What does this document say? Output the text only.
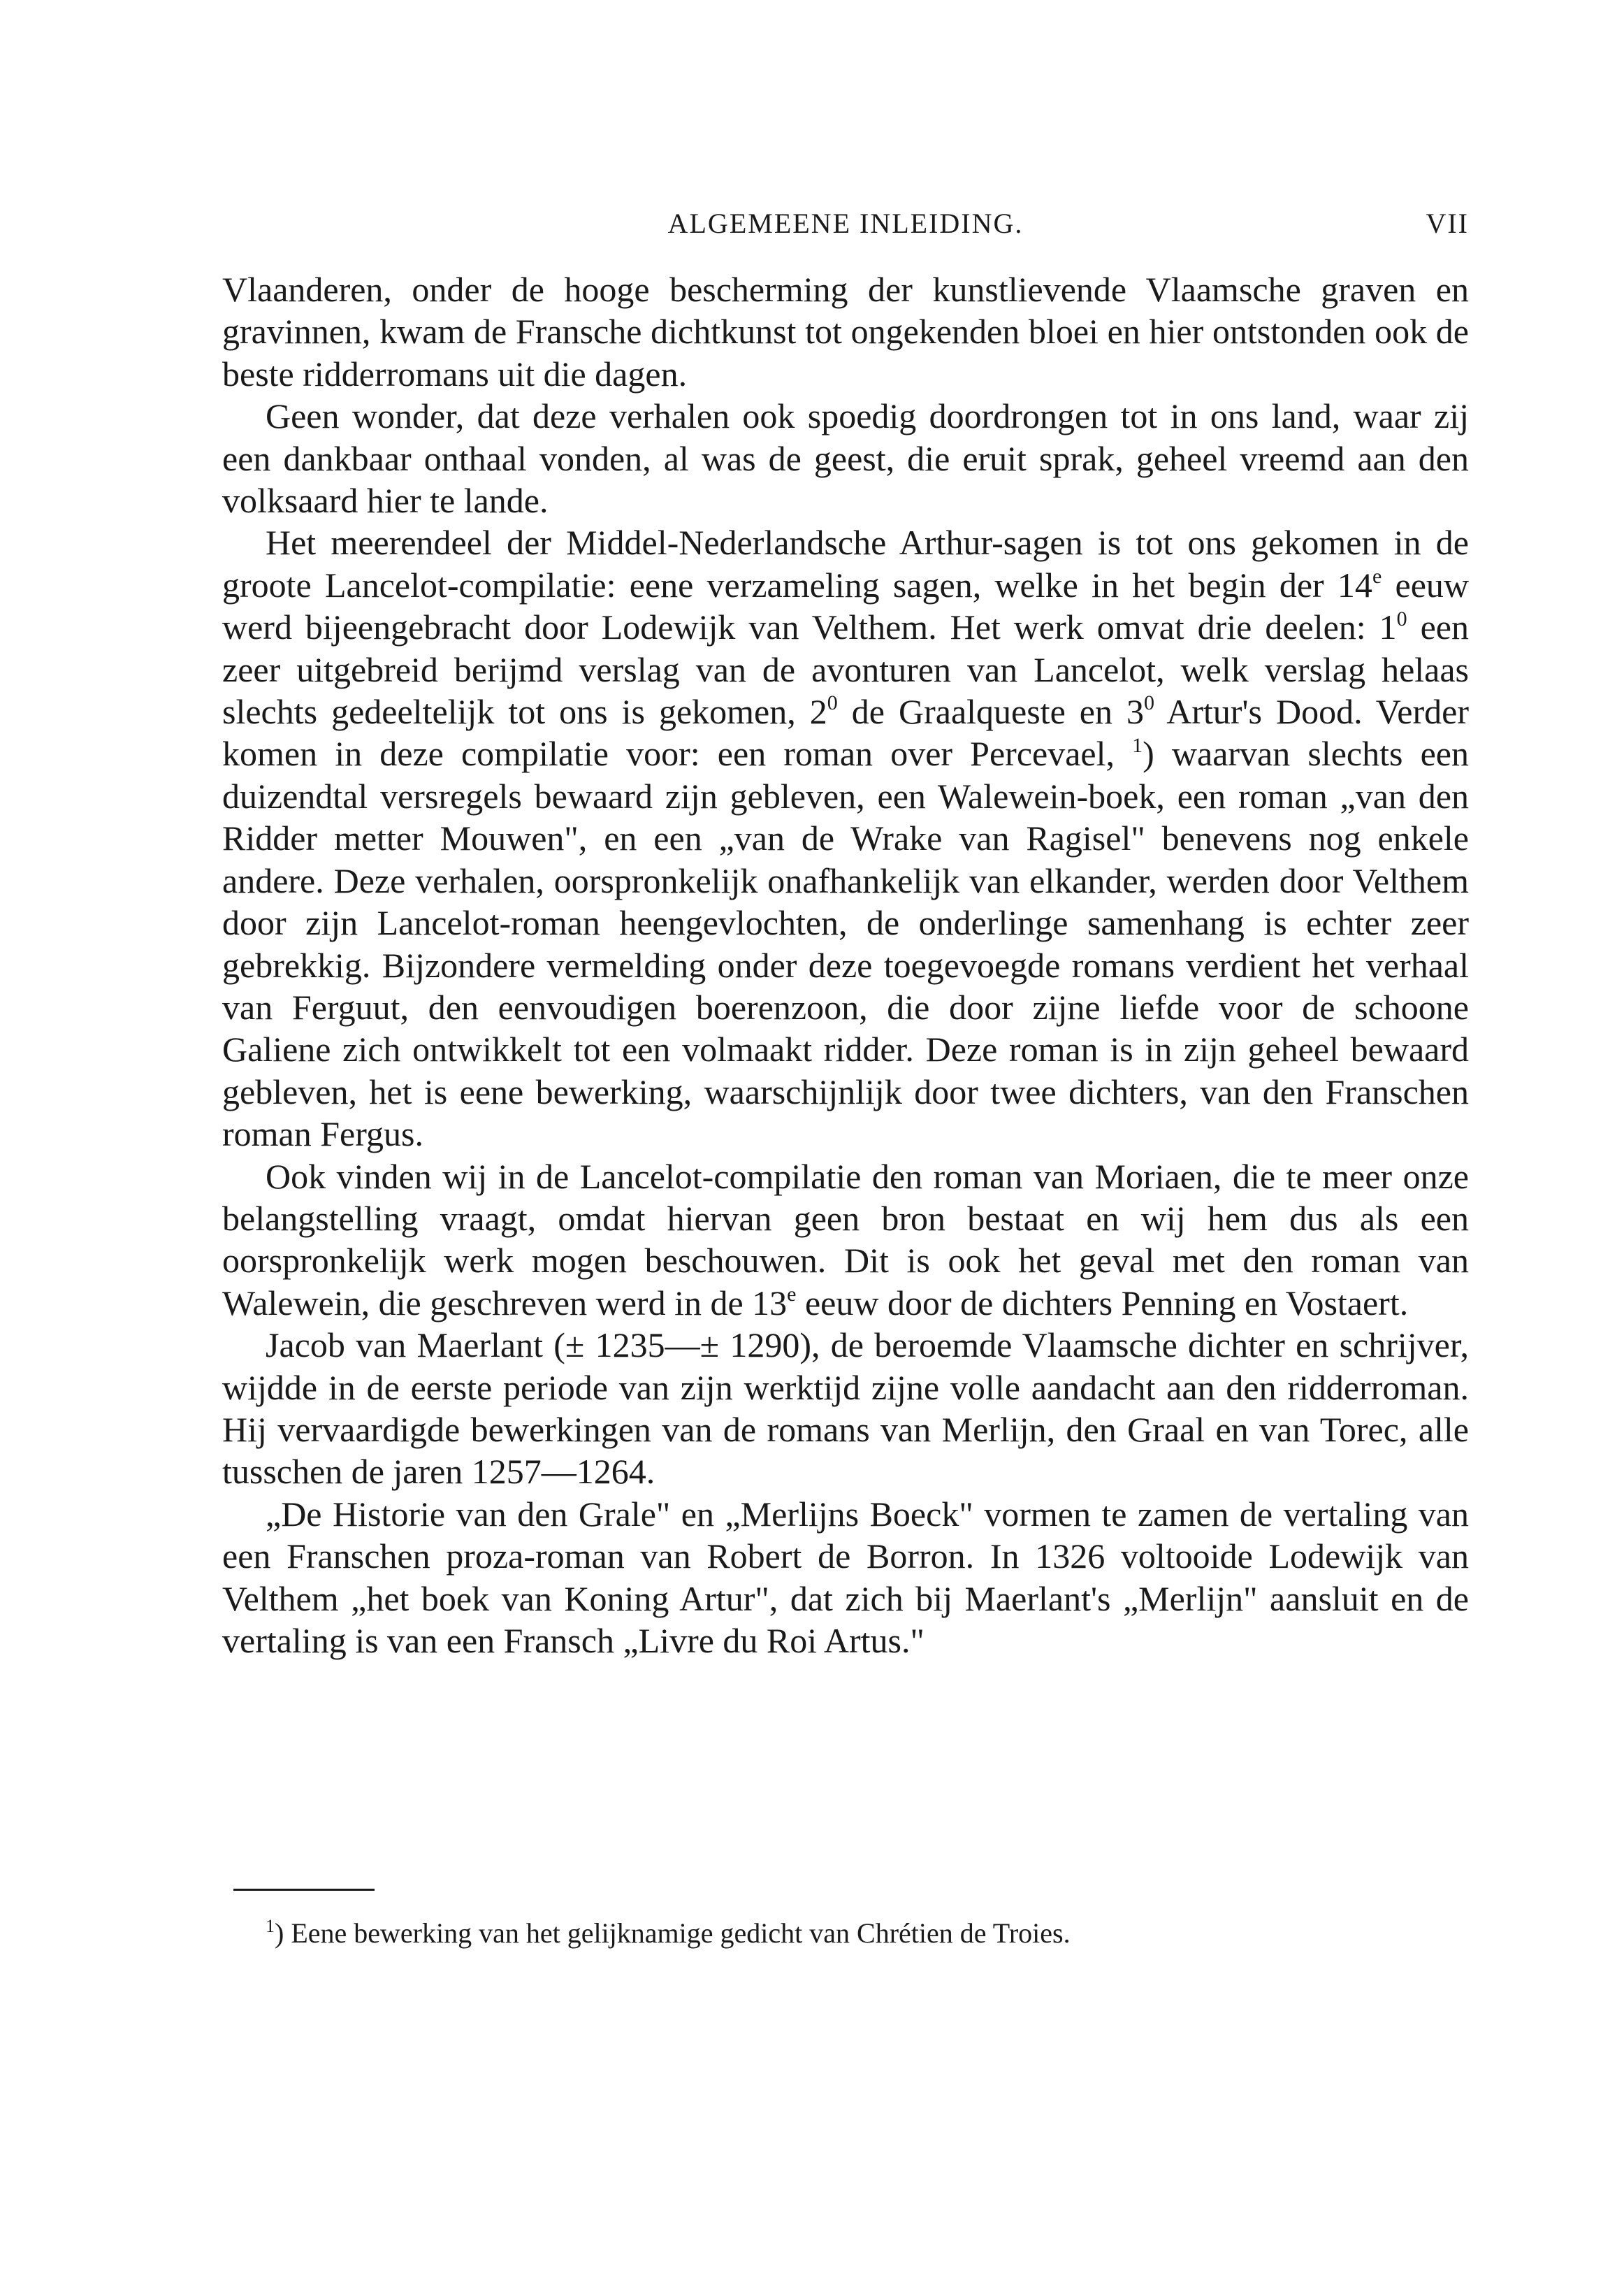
ALGEMEENE INLEIDING.	VII

Vlaanderen, onder de hooge bescherming der kunstlievende Vlaamsche graven en gravinnen, kwam de Fransche dichtkunst tot ongekenden bloei en hier ontstonden ook de beste ridderromans uit die dagen.

Geen wonder, dat deze verhalen ook spoedig doordrongen tot in ons land, waar zij een dankbaar onthaal vonden, al was de geest, die eruit sprak, geheel vreemd aan den volksaard hier te lande.

Het meerendeel der Middel-Nederlandsche Arthur-sagen is tot ons gekomen in de groote Lancelot-compilatie: eene verzameling sagen, welke in het begin der 14e eeuw werd bijeengebracht door Lodewijk van Velthem. Het werk omvat drie deelen: $1^0$ een zeer uitgebreid berijmd verslag van de avonturen van Lancelot, welk verslag helaas slechts gedeeltelijk tot ons is gekomen, $2^0$ de Graalqueste en $3^0$ Artur's Dood. Verder komen in deze compilatie voor: een roman over Percevael, $^1$) waarvan slechts een duizendtal versregels bewaard zijn gebleven, een Walewein-boek, een roman „van den Ridder metter Mouwen", en een „van de Wrake van Ragisel" benevens nog enkele andere. Deze verhalen, oorspronkelijk onafhankelijk van elkander, werden door Velthem door zijn Lancelot-roman heengevlochten, de onderlinge samenhang is echter zeer gebrekkig. Bijzondere vermelding onder deze toegevoegde romans verdient het verhaal van Ferguut, den eenvoudigen boerenzoon, die door zijne liefde voor de schoone Galiene zich ontwikkelt tot een volmaakt ridder. Deze roman is in zijn geheel bewaard gebleven, het is eene bewerking, waarschijnlijk door twee dichters, van den Franschen roman Fergus.

Ook vinden wij in de Lancelot-compilatie den roman van Moriaen, die te meer onze belangstelling vraagt, omdat hiervan geen bron bestaat en wij hem dus als een oorspronkelijk werk mogen beschouwen. Dit is ook het geval met den roman van Walewein, die geschreven werd in de 13e eeuw door de dichters Penning en Vostaert.

Jacob van Maerlant (± 1235—± 1290), de beroemde Vlaamsche dichter en schrijver, wijdde in de eerste periode van zijn werktijd zijne volle aandacht aan den ridderroman. Hij vervaardigde bewerkingen van de romans van Merlijn, den Graal en van Torec, alle tusschen de jaren 1257—1264.

„De Historie van den Grale" en „Merlijns Boeck" vormen te zamen de vertaling van een Franschen proza-roman van Robert de Borron. In 1326 voltooide Lodewijk van Velthem „het boek van Koning Artur", dat zich bij Maerlant's „Merlijn" aansluit en de vertaling is van een Fransch „Livre du Roi Artus."

$^1$) Eene bewerking van het gelijknamige gedicht van Chrétien de Troies.
